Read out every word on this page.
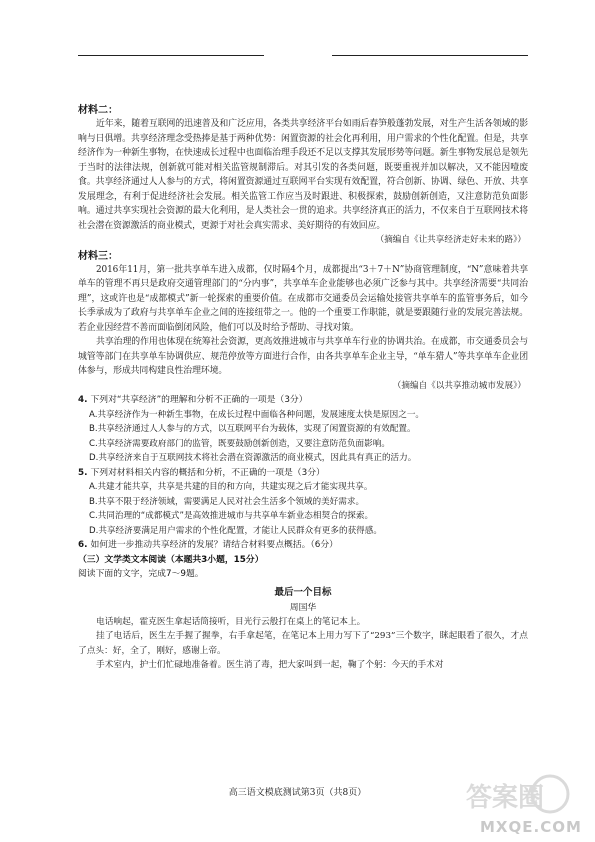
材料二：

近年来，随着互联网的迅速普及和广泛应用，各类共享经济平台如雨后春笋般蓬勃发展，对生产生活各领域的影响与日俱增。共享经济理念受热捧是基于两种优势：闲置资源的社会化再利用，用户需求的个性化配置。但是，共享经济作为一种新生事物，在快速成长过程中也面临治理手段还不足以支撑其发展形势等问题。新生事物发展总是领先于当时的法律法规，创新就可能对相关监管规制滞后。对其引发的各类问题，既要重视并加以解决，又不能因噎废食。共享经济通过人人参与的方式，将闲置资源通过互联网平台实现有效配置，符合创新、协调、绿色、开放、共享发展理念，有利于促进经济社会发展。相关监管工作应当及时跟进、积极探索，鼓励创新创造，又注意防范负面影响。通过共享实现社会资源的最大化利用，是人类社会一贯的追求。共享经济真正的活力，不仅来自于互联网技术将社会潜在资源激活的商业模式，更源于对社会真实需求、美好期待的有效回应。

（摘编自《让共享经济走好未来的路》）
材料三：

2016年11月，第一批共享单车进入成都，仅时隔4个月，成都提出“3＋7＋N”协商管理制度，“N”意味着共享单车的管理不再只是政府交通管理部门的“分内事”，共享单车企业能够也必须广泛参与其中。共享经济需要“共同治理”，这或许也是“成都模式”新一轮探索的重要价值。在成都市交通委员会运输处接管共享单车的监管事务后，如今长季承成为了政府与共享单车企业之间的连接纽带之一。他的一个重要工作职能，就是要跟随行业的发展完善法规。若企业因经营不善而面临倒闭风险，他们可以及时给予帮助、寻找对策。

共享治理的作用也体现在统筹社会资源，更高效推进城市与共享单车行业的协调共治。在成都，市交通委员会与城管等部门在共享单车协调供应、规范停放等方面进行合作，由各共享单车企业主导，“单车猎人”等共享单车企业团体参与，形成共同构建良性治理环境。

（摘编自《以共享推动城市发展》）
4. 下列对“共享经济”的理解和分析不正确的一项是（3分）
A.共享经济作为一种新生事物，在成长过程中面临各种问题，发展速度太快是原因之一。
B.共享经济通过人人参与的方式，以互联网平台为载体，实现了闲置资源的有效配置。
C.共享经济需要政府部门的监管，既要鼓励创新创造，又要注意防范负面影响。
D.共享经济来自于互联网技术将社会潜在资源激活的商业模式，因此具有真正的活力。
5. 下列对材料相关内容的概括和分析，不正确的一项是（3分）
A.共建才能共享，共享是共建的目的和方向，共建实现之后才能实现共享。
B.共享不限于经济领域，需要满足人民对社会生活多个领域的美好需求。
C.共同治理的“成都模式”是高效推进城市与共享单车新业态相契合的探索。
D.共享经济要满足用户需求的个性化配置，才能让人民群众有更多的获得感。
6. 如何进一步推动共享经济的发展？请结合材料要点概括。（6分）
（三）文学类文本阅读（本题共3小题，15分）
阅读下面的文字，完成7～9题。
最后一个目标
周国华

电话响起，霍克医生拿起话筒接听，目光行云般打在桌上的笔记本上。

挂了电话后，医生左手握了握拳，右手拿起笔，在笔记本上用力写下了“293”三个数字，眯起眼看了很久，才点了点头：好，全了，刚好，感谢上帝。

手术室内，护士们忙碌地准备着。医生消了毒，把大家叫到一起，鞠了个躬：今天的手术对

高三语文模底测试第3页（共8页）	答案圈
MXQE.COM
